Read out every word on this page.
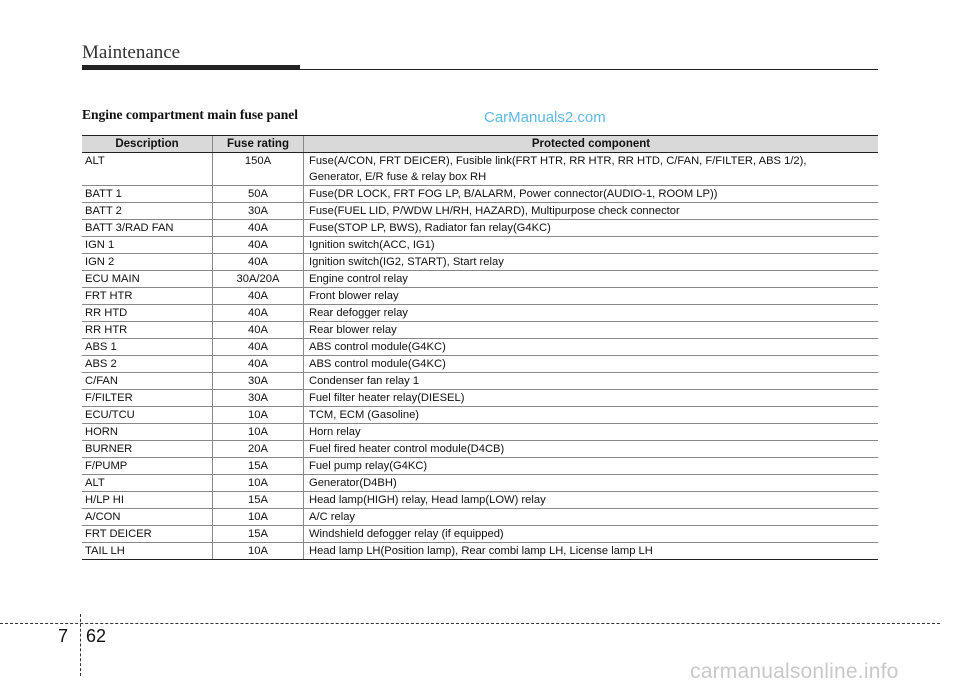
Maintenance
Engine compartment main fuse panel	CarManuals2.com
Description	Fuse rating	Protected component
ALT	150A	Fuse(A/CON, FRT DEICER), Fusible link(FRT HTR, RR HTR, RR HTD, C/FAN, F/FILTER, ABS 1/2),
Generator, E/R fuse & relay box RH

BATT 1	50A	Fuse(DR LOCK, FRT FOG LP, B/ALARM, Power connector(AUDIO-1, ROOM LP))

BATT 2	30A	Fuse(FUEL LID, P/WDW LH/RH, HAZARD), Multipurpose check connector

BATT 3/RAD FAN	40A	Fuse(STOP LP, BWS), Radiator fan relay(G4KC)

IGN 1	40A	Ignition switch(ACC, IG1)

IGN 2	40A	Ignition switch(IG2, START), Start relay

ECU MAIN	30A/20A	Engine control relay

FRT HTR	40A	Front blower relay

RR HTD	40A	Rear defogger relay

RR HTR	40A	Rear blower relay

ABS 1	40A	ABS control module(G4KC)

ABS 2	40A	ABS control module(G4KC)

C/FAN	30A	Condenser fan relay 1

F/FILTER	30A	Fuel filter heater relay(DIESEL)

ECU/TCU	10A	TCM, ECM (Gasoline)

HORN	10A	Horn relay

BURNER	20A	Fuel fired heater control module(D4CB)

F/PUMP	15A	Fuel pump relay(G4KC)

ALT	10A	Generator(D4BH)

H/LP HI	15A	Head lamp(HIGH) relay, Head lamp(LOW) relay

A/CON	10A	A/C relay

FRT DEICER	15A	Windshield defogger relay (if equipped)

TAIL LH	10A	Head lamp LH(Position lamp), Rear combi lamp LH, License lamp LH
7 62
carmanualsonline.info
